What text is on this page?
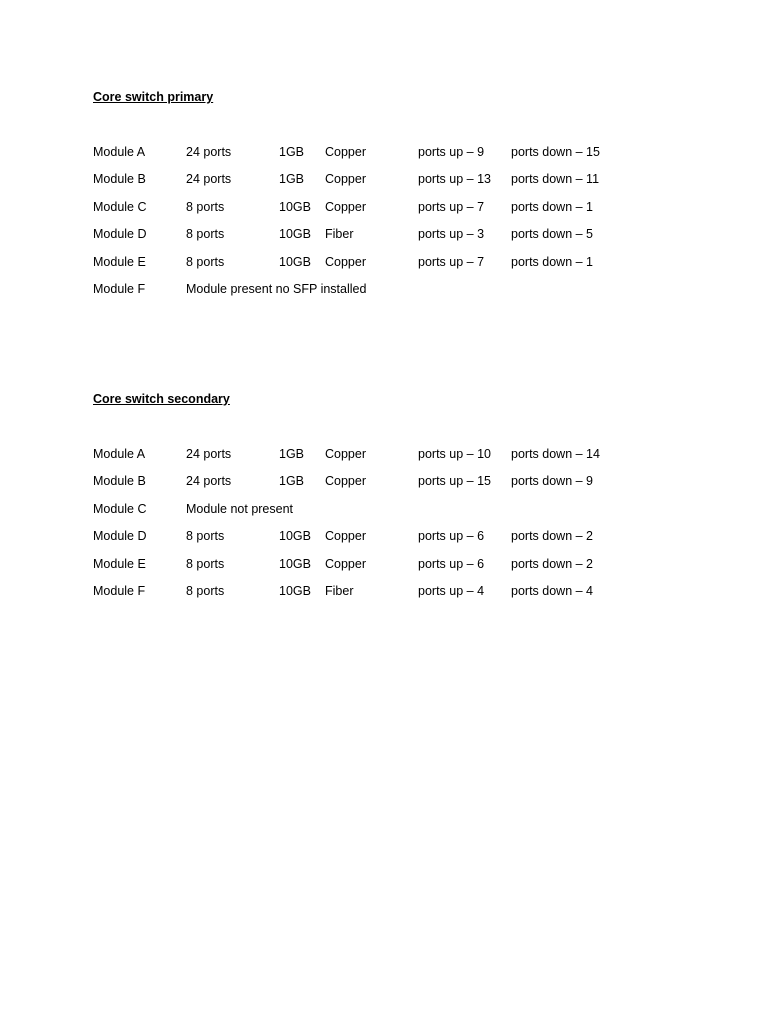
Core switch primary
Module A	24 ports	1GB Copper	ports up – 9 ports down – 15
Module B	24 ports	1GB Copper	ports up – 13 ports down – 11
Module C	8 ports	10GB Copper	ports up – 7 ports down – 1
Module D	8 ports	10GB Fiber	ports up – 3 ports down – 5
Module E	8 ports	10GB Copper	ports up – 7 ports down – 1
Module F	Module present no SFP installed
Core switch secondary
Module A	24 ports	1GB Copper	ports up – 10 ports down – 14
Module B	24 ports	1GB Copper	ports up – 15 ports down – 9
Module C	Module not present
Module D	8 ports	10GB Copper	ports up – 6 ports down – 2
Module E	8 ports	10GB Copper	ports up – 6 ports down – 2
Module F	8 ports	10GB Fiber	ports up – 4 ports down – 4
